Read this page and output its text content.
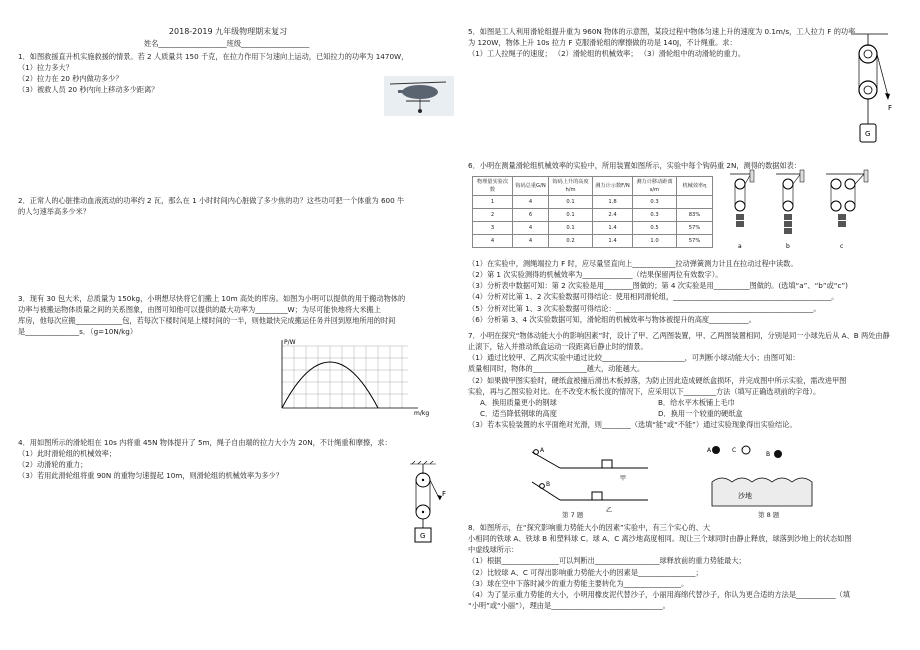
2018-2019 九年级物理期末复习

姓名___________________班级___________________

1．如图救援直升机实施救援的情景。若 2 人质量共 150 千克，在拉力作用下匀速向上运动，已知拉力的功率为 1470W，

（1）拉力多大？

（2）拉力在 20 秒内做功多少？

（3）被救人员 20 秒内向上移动多少距离？

2．正常人的心脏推动血液流动的功率约 2 瓦，那么在 1 小时时间内心脏做了多少焦的功？这些功可把一个体重为 600 牛

的人匀速举高多少米？

3．现有 30 包大米，总质量为 150kg，小明想尽快将它们搬上 10m 高处的库房。如图为小明可以提供的用于搬动物体的

功率与被搬运物体质量之间的关系图象，由图可知他可以提供的最大功率为_________W；为尽可能快地将大米搬上

库房，他每次应搬_____________包，若每次下楼时间是上楼时间的一半，则他最快完成搬运任务并回到原地所用的时间

是_______________s．（g=10N/kg）

P/W
m/kg

4．用如图所示的滑轮组在 10s 内将重 45N 物体提升了 5m，绳子自由端的拉力大小为 20N，不计绳重和摩擦，求：

（1）此时滑轮组的机械效率；

（2）动滑轮的重力；

（3）若用此滑轮组将重 90N 的重物匀速提起 10m，则滑轮组的机械效率为多少？

F
G

5．如图是工人利用滑轮组提升重为 960N 物体的示意图，某段过程中物体匀速上升的速度为 0.1m/s，工人拉力 F 的功率

为 120W，物体上升 10s 拉力 F 克服滑轮组的摩擦做的功是 140J，不计绳重。求：

（1）工人拉绳子的速度； （2）滑轮组的机械效率； （3）滑轮组中的动滑轮的重力。

F
G

6．小明在测量滑轮组机械效率的实验中，所用装置如图所示，实验中每个钩码重 2N，测得的数据如表：

物理量实验次数	钩码总重G/N	钩码上升的高度h/m	测力计示数F/N	测力计移动距离s/m	机械效率η
1	4	0.1	1.8	0.3	
2	6	0.1	2.4	0.3	83%
3	4	0.1	1.4	0.5	57%
4	4	0.2	1.4	1.0	57%
a	b	c

（1）在实验中，测绳端拉力 F 时，应尽量竖直向上____________拉动弹簧测力计且在拉动过程中读数。

（2）第 1 次实验测得的机械效率为______________（结果保留两位有效数字）。

（3）分析表中数据可知：第 2 次实验是用________图做的；第 4 次实验是用__________图做的。(选填“a”、“b”或“c”)

（4）分析对比第 1、2 次实验数据可得结论：使用相同滑轮组，____________________________________________。

（5）分析对比第 1、3 次实验数据可得结论：_______________________________________________________。

（6）分析第 3、4 次实验数据可知，滑轮组的机械效率与物体被提升的高度___________。

7．小明在探究“物体动能大小的影响因素”时，设计了甲、乙两图装置，甲、乙两图装置相同，分别是同一小球先后从 A、B 两处由静

止滚下，钻入并推动纸盒运动一段距离后静止时的情景。

（1）通过比较甲、乙两次实验中通过比较_______________________，可判断小球动能大小；由图可知：

质量相同时，物体的_______________越大，动能越大。

（2）如果做甲图实验时，硬纸盒被撞后滑出木板掉落，为防止因此造成硬纸盒损坏，并完成图中所示实验，需改进甲图

实验，再与乙图实验对比。在不改变木板长度的情况下，应采用以下_________方法（填写正确选项前的字母）。

A．换用质量更小的钢球	B．给水平木板铺上毛巾

C．适当降低钢球的高度	D．换用一个较重的硬纸盒

（3）若本实验装置的水平面绝对光滑，则________（选填“能”或“不能”）通过实验现象得出实验结论。

A
甲
B
乙

第 7 题

A	C
B
沙地

第 8 题

8．如图所示，在“探究影响重力势能大小的因素”实验中，有三个实心的、大

小相同的铁球 A、铁球 B 和塑料球 C。球 A、C 离沙地高度相同。现让三个球同时由静止释放，球落到沙地上的状态如图

中虚线球所示：

（1）根据________________可以判断出__________________球释放前的重力势能最大；

（2）比较球 A、C 可得出影响重力势能大小的因素是________________；

（3）球在空中下落时减少的重力势能主要转化为________________。

（4）为了显示重力势能的大小，小明用橡皮泥代替沙子，小丽用海绵代替沙子，你认为更合适的方法是___________（填

“小明”或“小丽”），理由是_______________________________。
